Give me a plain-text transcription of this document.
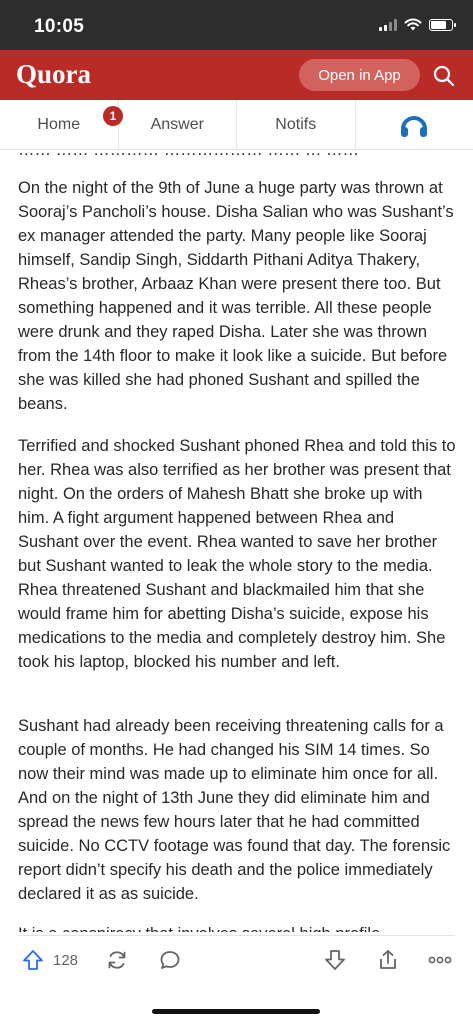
10:05
Quora	Open in App
Home	1	Answer	Notifs
…… …… ………… ……………… …… … ……

On the night of the 9th of June a huge party was thrown at Sooraj’s Pancholi’s house. Disha Salian who was Sushant’s ex manager attended the party. Many people like Sooraj himself, Sandip Singh, Siddarth Pithani Aditya Thakery, Rheas’s brother, Arbaaz Khan were present there too. But something happened and it was terrible. All these people were drunk and they raped Disha. Later she was thrown from the 14th floor to make it look like a suicide. But before she was killed she had phoned Sushant and spilled the beans.

Terrified and shocked Sushant phoned Rhea and told this to her. Rhea was also terrified as her brother was present that night. On the orders of Mahesh Bhatt she broke up with him. A fight argument happened between Rhea and Sushant over the event. Rhea wanted to save her brother but Sushant wanted to leak the whole story to the media. Rhea threatened Sushant and blackmailed him that she would frame him for abetting Disha’s suicide, expose his medications to the media and completely destroy him. She took his laptop, blocked his number and left.

Sushant had already been receiving threatening calls for a couple of months. He had changed his SIM 14 times. So now their mind was made up to eliminate him once for all. And on the night of 13th June they did eliminate him and spread the news few hours later that he had committed suicide. No CCTV footage was found that day. The forensic report didn’t specify his death and the police immediately declared it as as suicide.

128
